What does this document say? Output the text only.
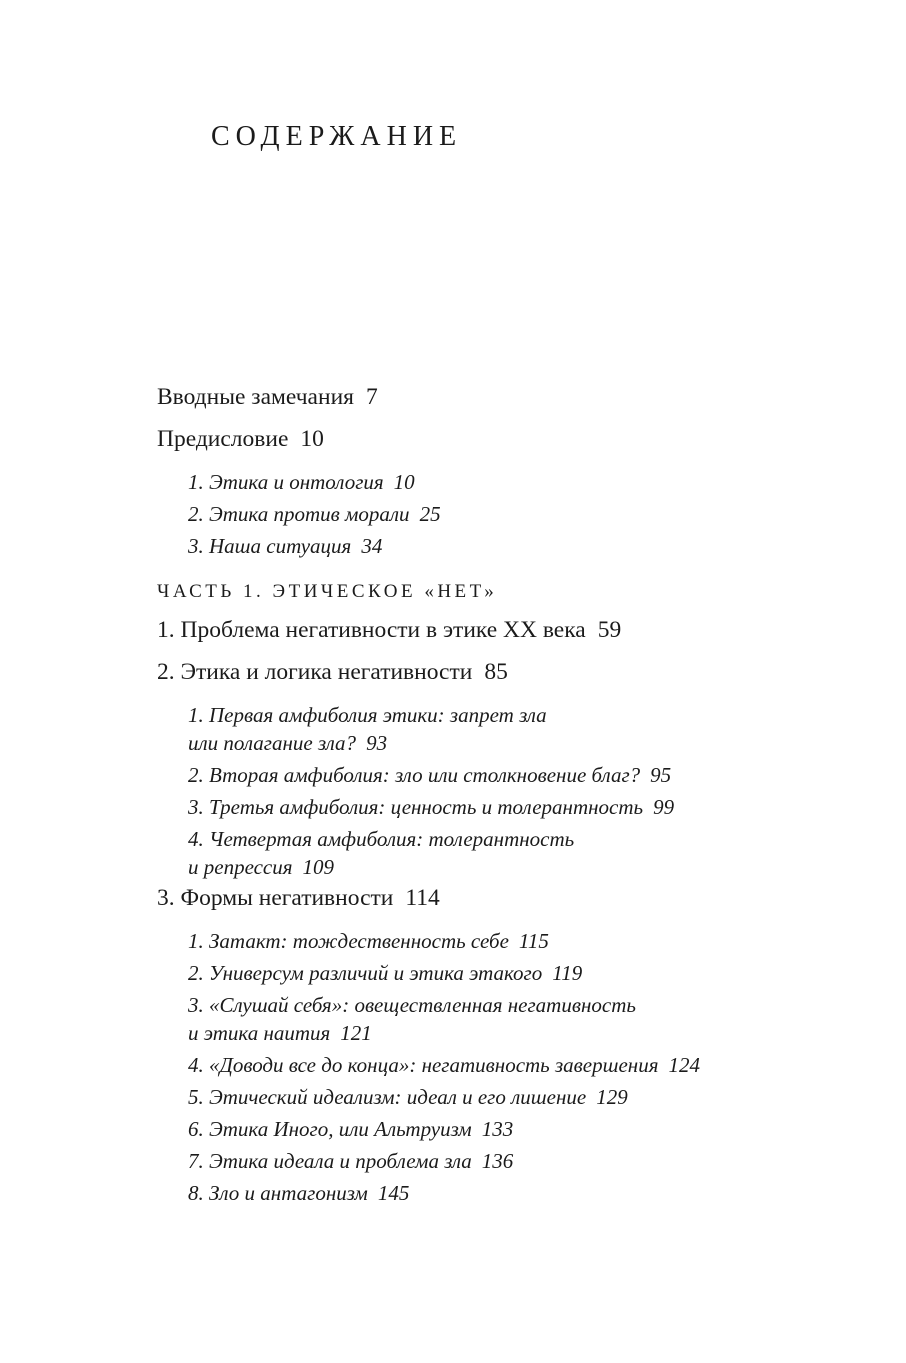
СОДЕРЖАНИЕ
Вводные замечания 7
Предисловие 10
1. Этика и онтология 10
2. Этика против морали 25
3. Наша ситуация 34
ЧАСТЬ 1. ЭТИЧЕСКОЕ «НЕТ»
1. Проблема негативности в этике XX века 59
2. Этика и логика негативности 85
1. Первая амфиболия этики: запрет зла
или полагание зла? 93
2. Вторая амфиболия: зло или столкновение благ? 95
3. Третья амфиболия: ценность и толерантность 99
4. Четвертая амфиболия: толерантность
и репрессия 109
3. Формы негативности 114
1. Затакт: тождественность себе 115
2. Универсум различий и этика этакого 119
3. «Слушай себя»: овеществленная негативность
и этика наития 121
4. «Доводи все до конца»: негативность завершения 124
5. Этический идеализм: идеал и его лишение 129
6. Этика Иного, или Альтруизм 133
7. Этика идеала и проблема зла 136
8. Зло и антагонизм 145
